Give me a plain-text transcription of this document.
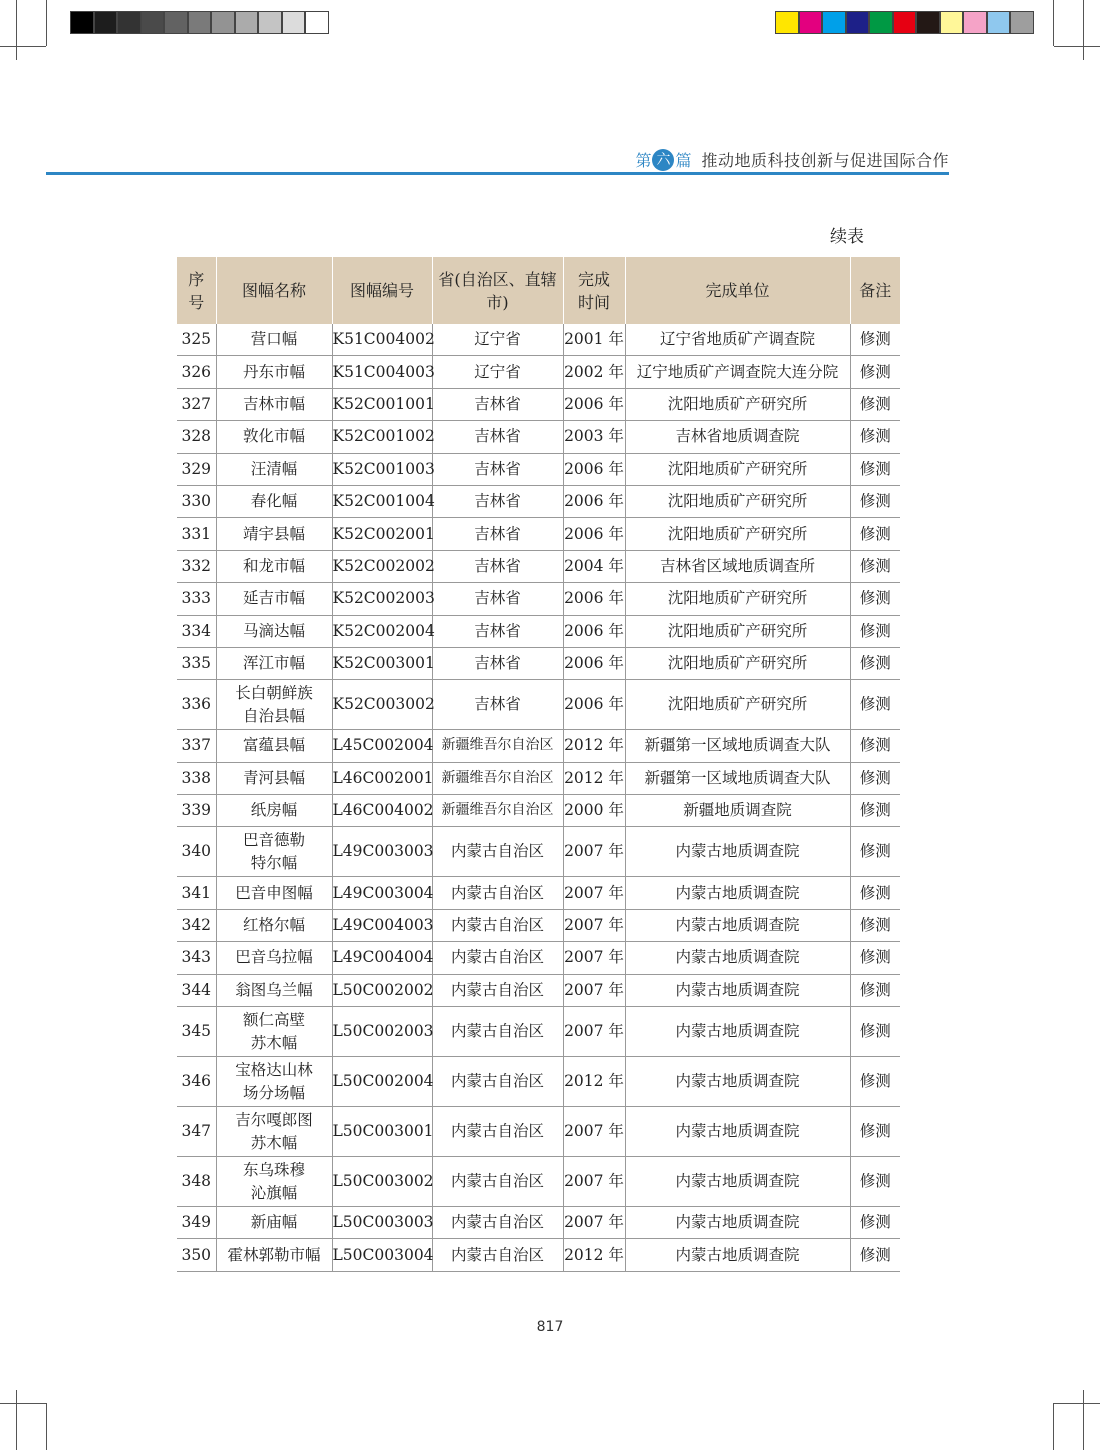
第 六 篇 推动地质科技创新与促进国际合作
续表
序号	图幅名称	图幅编号	省(自治区、直辖市)	完成时间	完成单位	备注
325	营口幅	K51C004002	辽宁省	2001 年	辽宁省地质矿产调查院	修测
326	丹东市幅	K51C004003	辽宁省	2002 年	辽宁地质矿产调查院大连分院	修测
327	吉林市幅	K52C001001	吉林省	2006 年	沈阳地质矿产研究所	修测
328	敦化市幅	K52C001002	吉林省	2003 年	吉林省地质调查院	修测
329	汪清幅	K52C001003	吉林省	2006 年	沈阳地质矿产研究所	修测
330	春化幅	K52C001004	吉林省	2006 年	沈阳地质矿产研究所	修测
331	靖宇县幅	K52C002001	吉林省	2006 年	沈阳地质矿产研究所	修测
332	和龙市幅	K52C002002	吉林省	2004 年	吉林省区域地质调查所	修测
333	延吉市幅	K52C002003	吉林省	2006 年	沈阳地质矿产研究所	修测
334	马滴达幅	K52C002004	吉林省	2006 年	沈阳地质矿产研究所	修测
335	浑江市幅	K52C003001	吉林省	2006 年	沈阳地质矿产研究所	修测
336	长白朝鲜族自治县幅	K52C003002	吉林省	2006 年	沈阳地质矿产研究所	修测
337	富蕴县幅	L45C002004	新疆维吾尔自治区	2012 年	新疆第一区域地质调查大队	修测
338	青河县幅	L46C002001	新疆维吾尔自治区	2012 年	新疆第一区域地质调查大队	修测
339	纸房幅	L46C004002	新疆维吾尔自治区	2000 年	新疆地质调查院	修测
340	巴音德勒特尔幅	L49C003003	内蒙古自治区	2007 年	内蒙古地质调查院	修测
341	巴音申图幅	L49C003004	内蒙古自治区	2007 年	内蒙古地质调查院	修测
342	红格尔幅	L49C004003	内蒙古自治区	2007 年	内蒙古地质调查院	修测
343	巴音乌拉幅	L49C004004	内蒙古自治区	2007 年	内蒙古地质调查院	修测
344	翁图乌兰幅	L50C002002	内蒙古自治区	2007 年	内蒙古地质调查院	修测
345	额仁高壁苏木幅	L50C002003	内蒙古自治区	2007 年	内蒙古地质调查院	修测
346	宝格达山林场分场幅	L50C002004	内蒙古自治区	2012 年	内蒙古地质调查院	修测
347	吉尔嘎郎图苏木幅	L50C003001	内蒙古自治区	2007 年	内蒙古地质调查院	修测
348	东乌珠穆沁旗幅	L50C003002	内蒙古自治区	2007 年	内蒙古地质调查院	修测
349	新庙幅	L50C003003	内蒙古自治区	2007 年	内蒙古地质调查院	修测
350	霍林郭勒市幅	L50C003004	内蒙古自治区	2012 年	内蒙古地质调查院	修测
817
